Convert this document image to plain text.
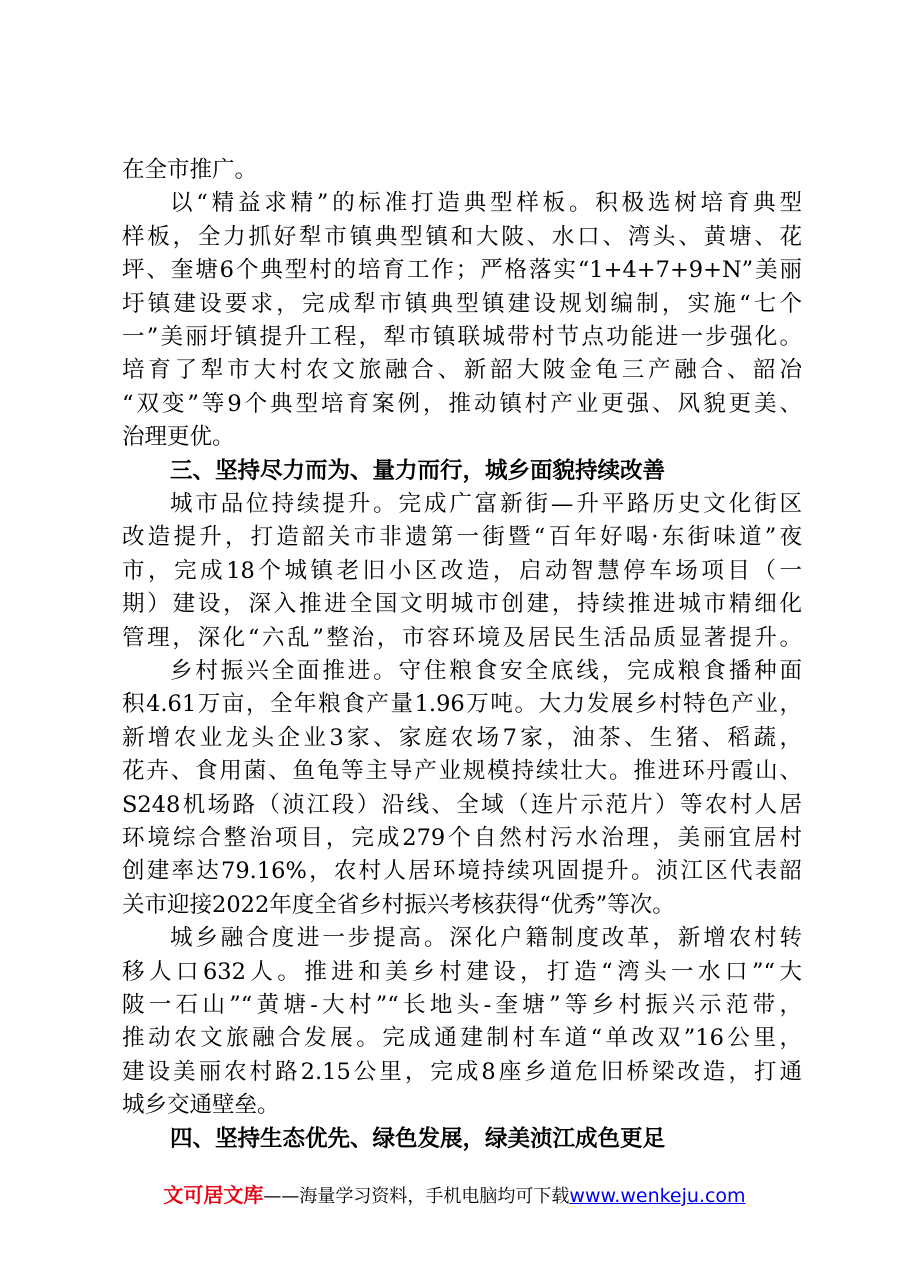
在全市推广。
以“精益求精”的标准打造典型样板。积极选树培育典型
样板，全力抓好犁市镇典型镇和大陂、水口、湾头、黄塘、花
坪、奎塘6个典型村的培育工作；严格落实“1+4+7+9+N”美丽
圩镇建设要求，完成犁市镇典型镇建设规划编制，实施“七个
一”美丽圩镇提升工程，犁市镇联城带村节点功能进一步强化。
培育了犁市大村农文旅融合、新韶大陂金龟三产融合、韶冶
“双变”等9个典型培育案例，推动镇村产业更强、风貌更美、
治理更优。
三、坚持尽力而为、量力而行，城乡面貌持续改善
城市品位持续提升。完成广富新街—升平路历史文化街区
改造提升，打造韶关市非遗第一街暨“百年好喝·东街味道”夜
市，完成18个城镇老旧小区改造，启动智慧停车场项目（一
期）建设，深入推进全国文明城市创建，持续推进城市精细化
管理，深化“六乱”整治，市容环境及居民生活品质显著提升。
乡村振兴全面推进。守住粮食安全底线，完成粮食播种面
积4.61万亩，全年粮食产量1.96万吨。大力发展乡村特色产业，
新增农业龙头企业3家、家庭农场7家，油茶、生猪、稻蔬，
花卉、食用菌、鱼龟等主导产业规模持续壮大。推进环丹霞山、
S248机场路（浈江段）沿线、全域（连片示范片）等农村人居
环境综合整治项目，完成279个自然村污水治理，美丽宜居村
创建率达79.16%，农村人居环境持续巩固提升。浈江区代表韶
关市迎接2022年度全省乡村振兴考核获得“优秀”等次。
城乡融合度进一步提高。深化户籍制度改革，新增农村转
移人口632人。推进和美乡村建设，打造“湾头一水口”“大
陂一石山”“黄塘-大村”“长地头-奎塘”等乡村振兴示范带，
推动农文旅融合发展。完成通建制村车道“单改双”16公里，
建设美丽农村路2.15公里，完成8座乡道危旧桥梁改造，打通
城乡交通壁垒。
四、坚持生态优先、绿色发展，绿美浈江成色更足
文可居文库——海量学习资料，手机电脑均可下载www.wenkeju.com
